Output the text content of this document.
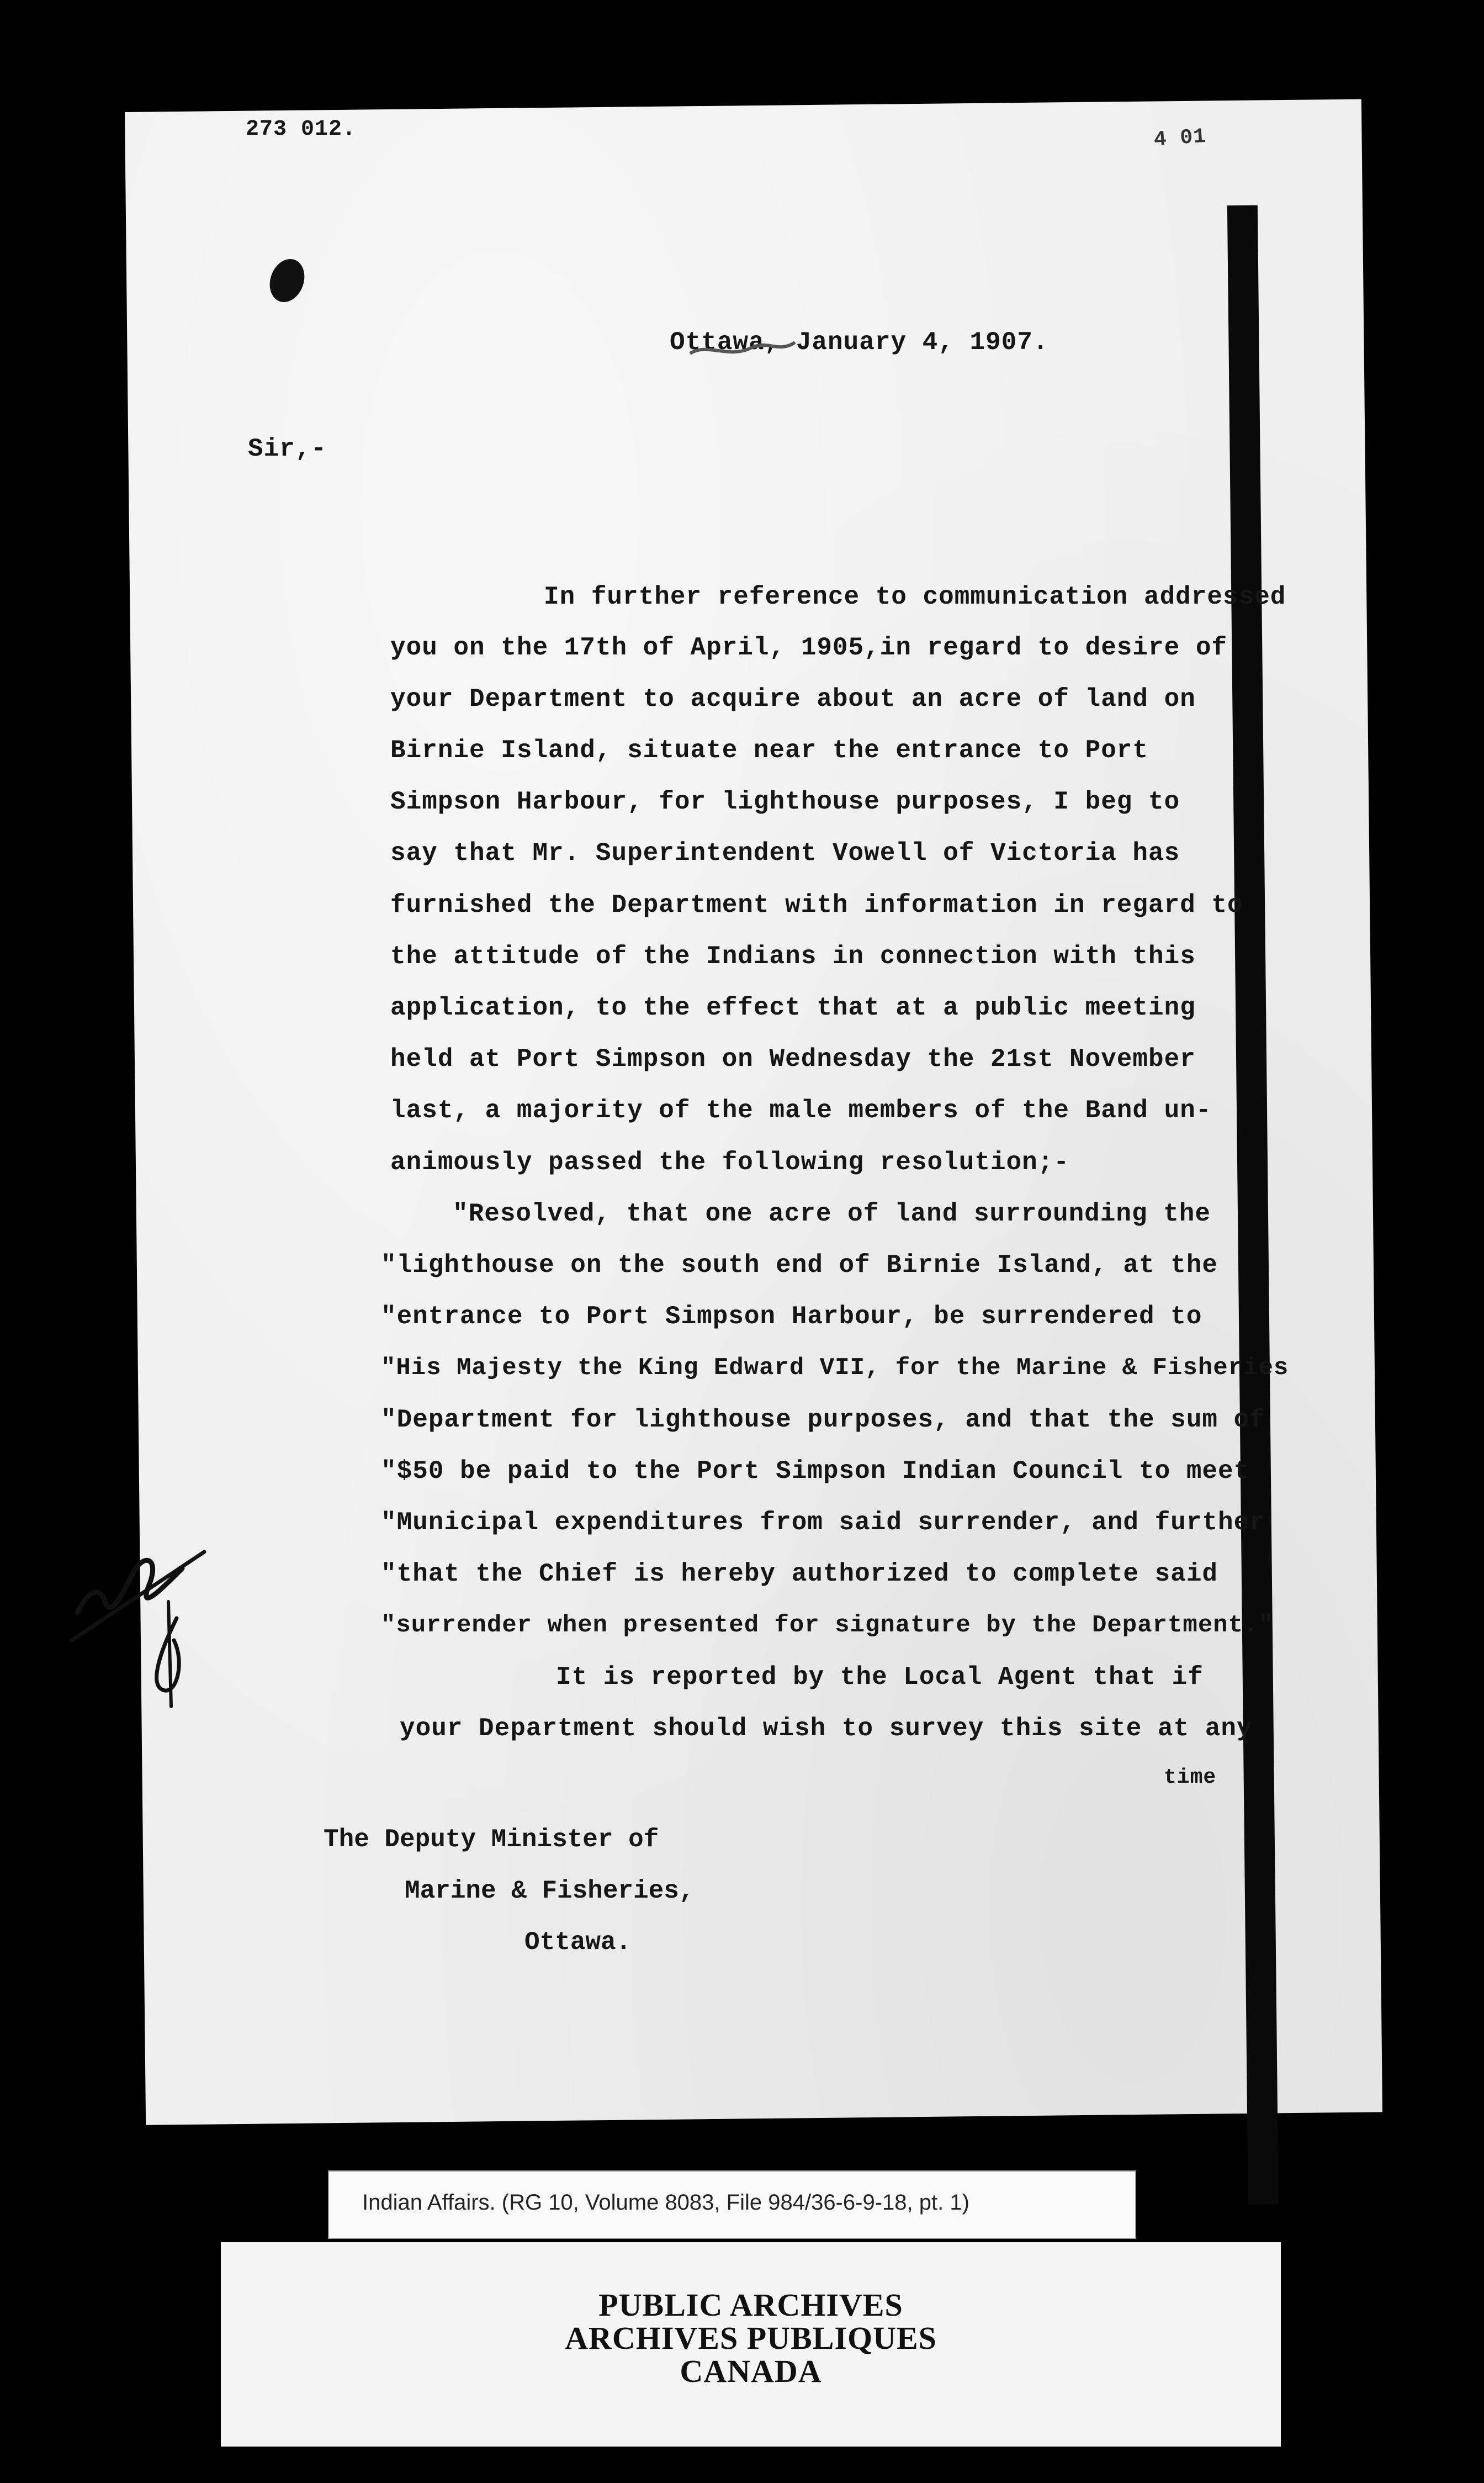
273 012.	4 01
Ottawa, January 4, 1907.
Sir,-

In further reference to communication addressed

you on the 17th of April, 1905,in regard to desire of

your Department to acquire about an acre of land on

Birnie Island, situate near the entrance to Port

Simpson Harbour, for lighthouse purposes, I beg to

say that Mr. Superintendent Vowell of Victoria has

furnished the Department with information in regard to

the attitude of the Indians in connection with this

application, to the effect that at a public meeting

held at Port Simpson on Wednesday the 21st November

last, a majority of the male members of the Band un-

animously passed the following resolution;-

"Resolved, that one acre of land surrounding the

"lighthouse on the south end of Birnie Island, at the

"entrance to Port Simpson Harbour, be surrendered to

"His Majesty the King Edward VII, for the Marine & Fisheries

"Department for lighthouse purposes, and that the sum of

"$50 be paid to the Port Simpson Indian Council to meet

"Municipal expenditures from said surrender, and further

"that the Chief is hereby authorized to complete said

"surrender when presented for signature by the Department."

It is reported by the Local Agent that if

your Department should wish to survey this site at any

time

The Deputy Minister of

Marine & Fisheries,

Ottawa.

Indian Affairs. (RG 10, Volume 8083, File 984/36-6-9-18, pt. 1)
PUBLIC ARCHIVES
ARCHIVES PUBLIQUES
CANADA
